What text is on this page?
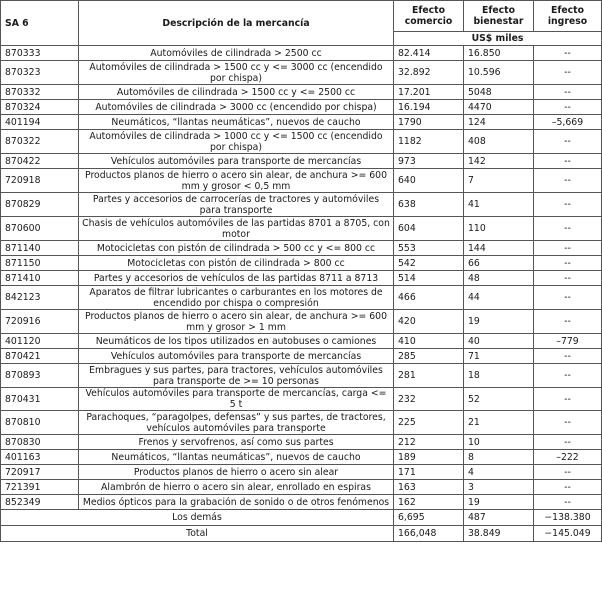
SA 6	Descripción de la mercancía	Efecto comercio	Efecto bienestar	Efecto ingreso
		US$ miles		
870333	Automóviles de cilindrada > 2500 cc	82.414	16.850	--
870323	Automóviles de cilindrada > 1500 cc y <= 3000 cc (encendido por chispa)	32.892	10.596	--
870332	Automóviles de cilindrada > 1500 cc y <= 2500 cc	17.201	5048	--
870324	Automóviles de cilindrada > 3000 cc (encendido por chispa)	16.194	4470	--
401194	Neumáticos, “llantas neumáticas”, nuevos de caucho	1790	124	–5,669
870322	Automóviles de cilindrada > 1000 cc y <= 1500 cc (encendido por chispa)	1182	408	--
870422	Vehículos automóviles para transporte de mercancías	973	142	--
720918	Productos planos de hierro o acero sin alear, de anchura >= 600 mm y grosor < 0,5 mm	640	7	--
870829	Partes y accesorios de carrocerías de tractores y automóviles para transporte	638	41	--
870600	Chasis de vehículos automóviles de las partidas 8701 a 8705, con motor	604	110	--
871140	Motocicletas con pistón de cilindrada > 500 cc y <= 800 cc	553	144	--
871150	Motocicletas con pistón de cilindrada > 800 cc	542	66	--
871410	Partes y accesorios de vehículos de las partidas 8711 a 8713	514	48	--
842123	Aparatos de filtrar lubricantes o carburantes en los motores de encendido por chispa o compresión	466	44	--
720916	Productos planos de hierro o acero sin alear, de anchura >= 600 mm y grosor > 1 mm	420	19	--
401120	Neumáticos de los tipos utilizados en autobuses o camiones	410	40	–779
870421	Vehículos automóviles para transporte de mercancías	285	71	--
870893	Embragues y sus partes, para tractores, vehículos automóviles para transporte de >= 10 personas	281	18	--
870431	Vehículos automóviles para transporte de mercancías, carga <= 5 t	232	52	--
870810	Parachoques, “paragolpes, defensas” y sus partes, de tractores, vehículos automóviles para transporte	225	21	--
870830	Frenos y servofrenos, así como sus partes	212	10	--
401163	Neumáticos, “llantas neumáticas”, nuevos de caucho	189	8	–222
720917	Productos planos de hierro o acero sin alear	171	4	--
721391	Alambrón de hierro o acero sin alear, enrollado en espiras	163	3	--
852349	Medios ópticos para la grabación de sonido o de otros fenómenos	162	19	--
Los demás		6,695	487	−138.380
Total		166,048	38.849	−145.049
